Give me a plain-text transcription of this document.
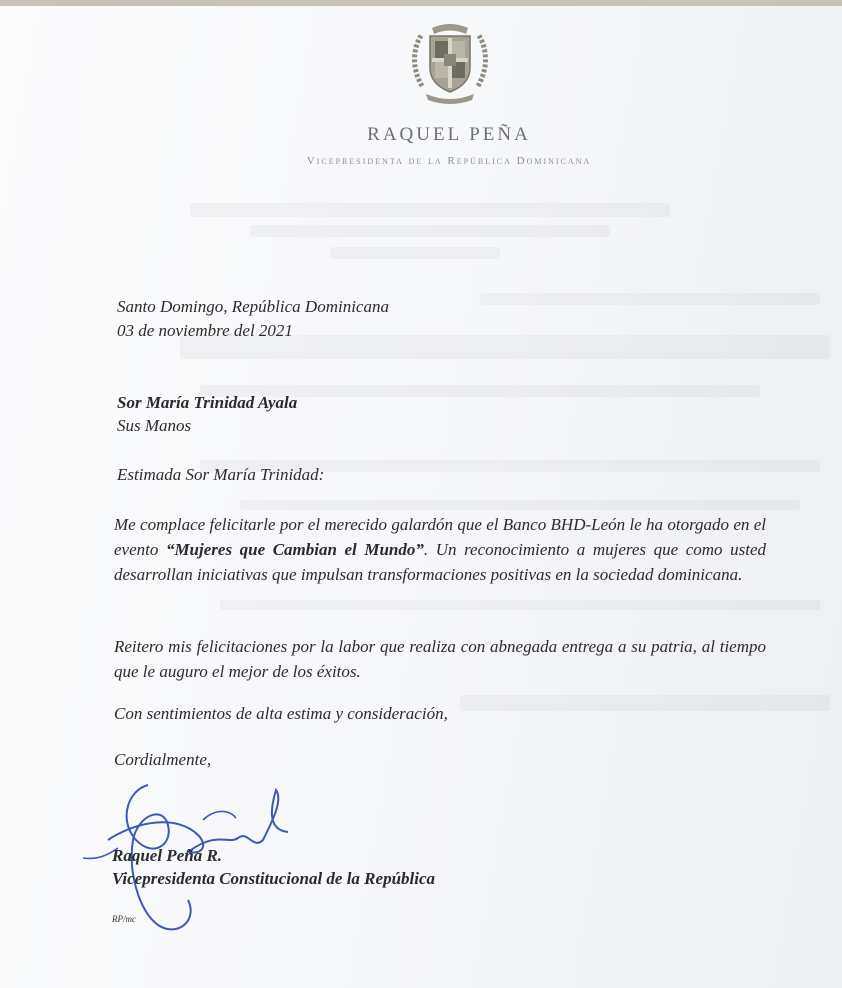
RAQUEL PEÑA
Vicepresidenta de la República Dominicana
Santo Domingo, República Dominicana
03 de noviembre del 2021
Sor María Trinidad Ayala
Sus Manos
Estimada Sor María Trinidad:
Me complace felicitarle por el merecido galardón que el Banco BHD-León le ha otorgado en el evento “Mujeres que Cambian el Mundo”. Un reconocimiento a mujeres que como usted desarrollan iniciativas que impulsan transformaciones positivas en la sociedad dominicana.
Reitero mis felicitaciones por la labor que realiza con abnegada entrega a su patria, al tiempo que le auguro el mejor de los éxitos.
Con sentimientos de alta estima y consideración,
Cordialmente,
Raquel Peña R.
Vicepresidenta Constitucional de la República
RP/mc
